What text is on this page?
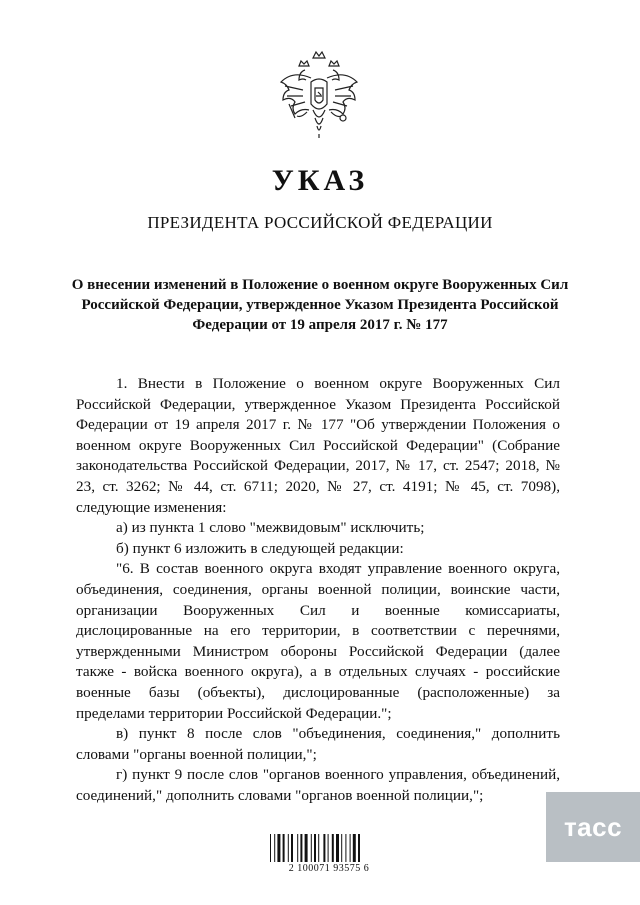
УКАЗ
ПРЕЗИДЕНТА РОССИЙСКОЙ ФЕДЕРАЦИИ
О внесении изменений в Положение о военном округе Вооруженных Сил Российской Федерации, утвержденное Указом Президента Российской Федерации от 19 апреля 2017 г. № 177

1. Внести в Положение о военном округе Вооруженных Сил Российской Федерации, утвержденное Указом Президента Российской Федерации от 19 апреля 2017 г. № 177 "Об утверждении Положения о военном округе Вооруженных Сил Российской Федерации" (Собрание законодательства Российской Федерации, 2017, № 17, ст. 2547; 2018, № 23, ст. 3262; № 44, ст. 6711; 2020, № 27, ст. 4191; № 45, ст. 7098), следующие изменения:

а) из пункта 1 слово "межвидовым" исключить;

б) пункт 6 изложить в следующей редакции:

"6. В состав военного округа входят управление военного округа, объединения, соединения, органы военной полиции, воинские части, организации Вооруженных Сил и военные комиссариаты, дислоцированные на его территории, в соответствии с перечнями, утвержденными Министром обороны Российской Федерации (далее также - войска военного округа), а в отдельных случаях - российские военные базы (объекты), дислоцированные (расположенные) за пределами территории Российской Федерации.";

в) пункт 8 после слов "объединения, соединения," дополнить словами "органы военной полиции,";

г) пункт 9 после слов "органов военного управления, объединений, соединений," дополнить словами "органов военной полиции,";

2 100071 93575 6
тасс
